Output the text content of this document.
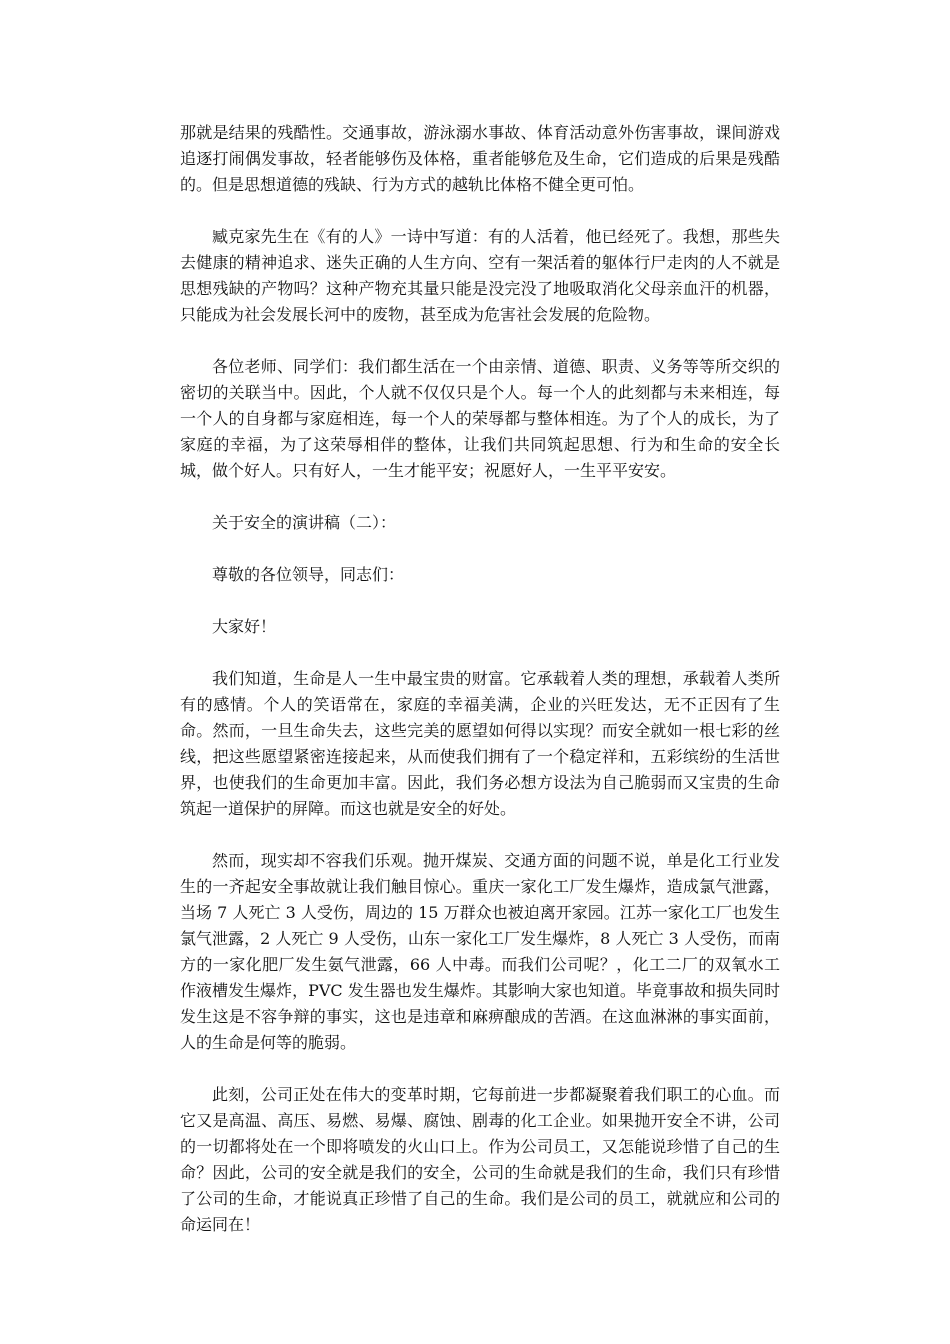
那就是结果的残酷性。交通事故，游泳溺水事故、体育活动意外伤害事故，课间游戏追逐打闹偶发事故，轻者能够伤及体格，重者能够危及生命，它们造成的后果是残酷的。但是思想道德的残缺、行为方式的越轨比体格不健全更可怕。

臧克家先生在《有的人》一诗中写道：有的人活着，他已经死了。我想，那些失去健康的精神追求、迷失正确的人生方向、空有一架活着的躯体行尸走肉的人不就是思想残缺的产物吗？这种产物充其量只能是没完没了地吸取消化父母亲血汗的机器，只能成为社会发展长河中的废物，甚至成为危害社会发展的危险物。

各位老师、同学们：我们都生活在一个由亲情、道德、职责、义务等等所交织的密切的关联当中。因此，个人就不仅仅只是个人。每一个人的此刻都与未来相连，每一个人的自身都与家庭相连，每一个人的荣辱都与整体相连。为了个人的成长，为了家庭的幸福，为了这荣辱相伴的整体，让我们共同筑起思想、行为和生命的安全长城，做个好人。只有好人，一生才能平安；祝愿好人，一生平平安安。

关于安全的演讲稿（二）：

尊敬的各位领导，同志们：

大家好！

我们知道，生命是人一生中最宝贵的财富。它承载着人类的理想，承载着人类所有的感情。个人的笑语常在，家庭的幸福美满，企业的兴旺发达，无不正因有了生命。然而，一旦生命失去，这些完美的愿望如何得以实现？而安全就如一根七彩的丝线，把这些愿望紧密连接起来，从而使我们拥有了一个稳定祥和，五彩缤纷的生活世界，也使我们的生命更加丰富。因此，我们务必想方设法为自己脆弱而又宝贵的生命筑起一道保护的屏障。而这也就是安全的好处。

然而，现实却不容我们乐观。抛开煤炭、交通方面的问题不说，单是化工行业发生的一齐起安全事故就让我们触目惊心。重庆一家化工厂发生爆炸，造成氯气泄露，当场 7 人死亡 3 人受伤，周边的 15 万群众也被迫离开家园。江苏一家化工厂也发生氯气泄露，2 人死亡 9 人受伤，山东一家化工厂发生爆炸，8 人死亡 3 人受伤，而南方的一家化肥厂发生氨气泄露，66 人中毒。而我们公司呢？，化工二厂的双氧水工作液槽发生爆炸，PVC 发生器也发生爆炸。其影响大家也知道。毕竟事故和损失同时发生这是不容争辩的事实，这也是违章和麻痹酿成的苦酒。在这血淋淋的事实面前，人的生命是何等的脆弱。

此刻，公司正处在伟大的变革时期，它每前进一步都凝聚着我们职工的心血。而它又是高温、高压、易燃、易爆、腐蚀、剧毒的化工企业。如果抛开安全不讲，公司的一切都将处在一个即将喷发的火山口上。作为公司员工，又怎能说珍惜了自己的生命？因此，公司的安全就是我们的安全，公司的生命就是我们的生命，我们只有珍惜了公司的生命，才能说真正珍惜了自己的生命。我们是公司的员工，就就应和公司的命运同在！
